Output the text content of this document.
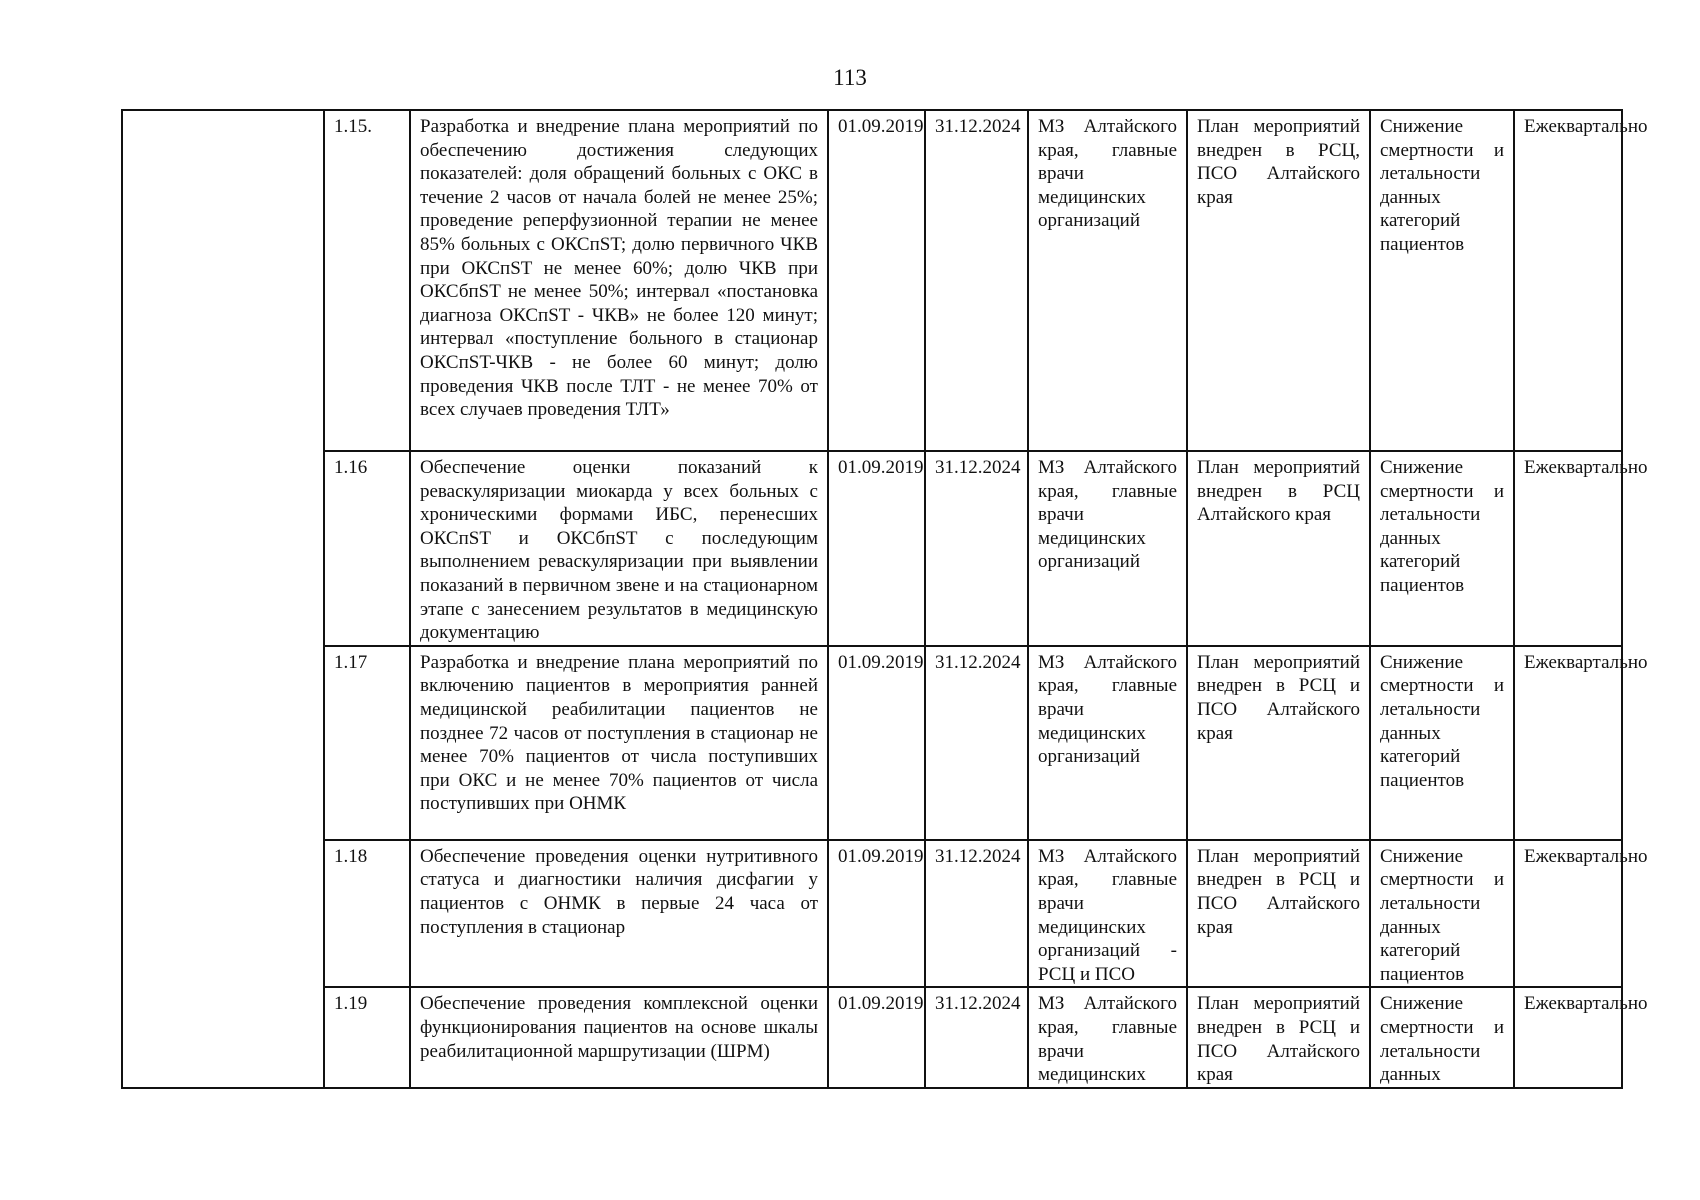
113
	1.15.	Разработка и внедрение плана мероприятий по обеспечению достижения следующих показателей: доля обращений больных с ОКС в течение 2 часов от начала болей не менее 25%; проведение реперфузионной терапии не менее 85% больных с ОКСпST; долю первичного ЧКВ при ОКСпST не менее 60%; долю ЧКВ при ОКСбпST не менее 50%; интервал «постановка диагноза ОКСпST - ЧКВ» не более 120 минут; интервал «поступление больного в стационар ОКСпST-ЧКВ - не более 60 минут; долю проведения ЧКВ после ТЛТ - не менее 70% от всех случаев проведения ТЛТ»	01.09.2019	31.12.2024	МЗ Алтайского края, главные врачи медицинских организаций	План мероприятий внедрен в РСЦ, ПСО Алтайского края	Снижение смертности и летальности данных категорий пациентов	Ежеквартально
	1.16	Обеспечение оценки показаний к реваскуляризации миокарда у всех больных с хроническими формами ИБС, перенесших ОКСпST и ОКСбпST с последующим выполнением реваскуляризации при выявлении показаний в первичном звене и на стационарном этапе с занесением результатов в медицинскую документацию	01.09.2019	31.12.2024	МЗ Алтайского края, главные врачи медицинских организаций	План мероприятий внедрен в РСЦ Алтайского края	Снижение смертности и летальности данных категорий пациентов	Ежеквартально
	1.17	Разработка и внедрение плана мероприятий по включению пациентов в мероприятия ранней медицинской реабилитации пациентов не позднее 72 часов от поступления в стационар не менее 70% пациентов от числа поступивших при ОКС и не менее 70% пациентов от числа поступивших при ОНМК	01.09.2019	31.12.2024	МЗ Алтайского края, главные врачи медицинских организаций	План мероприятий внедрен в РСЦ и ПСО Алтайского края	Снижение смертности и летальности данных категорий пациентов	Ежеквартально
	1.18	Обеспечение проведения оценки нутритивного статуса и диагностики наличия дисфагии у пациентов с ОНМК в первые 24 часа от поступления в стационар	01.09.2019	31.12.2024	МЗ Алтайского края, главные врачи медицинских организаций - РСЦ и ПСО	План мероприятий внедрен в РСЦ и ПСО Алтайского края	Снижение смертности и летальности данных категорий пациентов	Ежеквартально
	1.19	Обеспечение проведения комплексной оценки функционирования пациентов на основе шкалы реабилитационной маршрутизации (ШРМ)	01.09.2019	31.12.2024	МЗ Алтайского края, главные врачи медицинских	План мероприятий внедрен в РСЦ и ПСО Алтайского края	Снижение смертности и летальности данных	Ежеквартально
